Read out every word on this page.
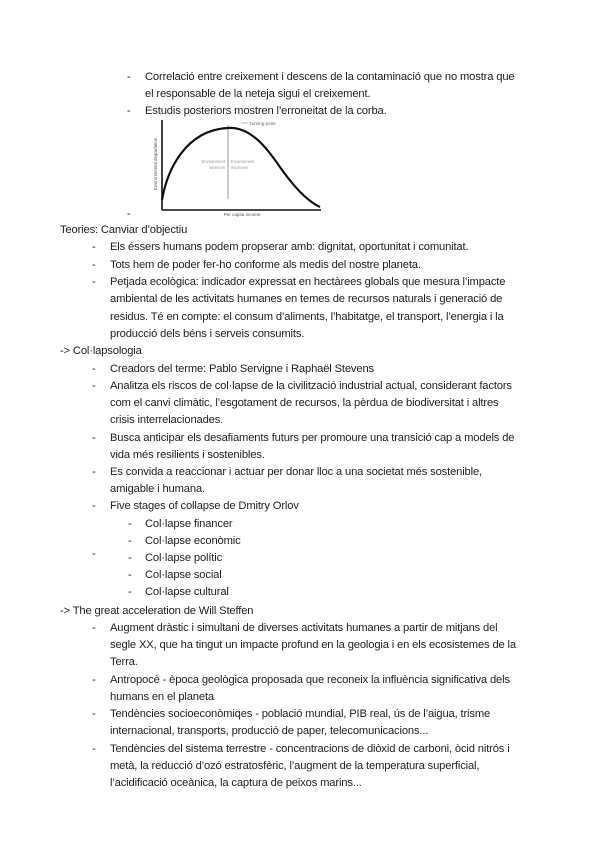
- Correlació entre creixement i descens de la contaminació que no mostra que
el responsable de la neteja sigui el creixement.
- Estudis posteriors mostren l’erroneitat de la corba.
Turning point
Environment
worsens
Environment
improves
Environmental degradation
Per capita income
-
Teories: Canviar d’objectiu
- Els éssers humans podem propserar amb: dignitat, oportunitat i comunitat.
- Tots hem de poder fer-ho conforme als medis del nostre planeta.
- Petjada ecològica: indicador expressat en hectàrees globals que mesura l’impacte
ambiental de les activitats humanes en temes de recursos naturals i generació de
residus. Té en compte: el consum d’aliments, l’habitatge, el transport, l’energia i la
producció dels béns i serveis consumits.
-> Col·lapsologia
- Creadors del terme: Pablo Servigne i Raphaël Stevens
- Analitza els riscos de col·lapse de la civilització industrial actual, considerant factors
com el canvi climàtic, l’esgotament de recursos, la pèrdua de biodiversitat i altres
crisis interrelacionades.
- Busca anticipar els desafiaments futurs per promoure una transició cap a models de
vida més resilients i sostenibles.
- Es convida a reaccionar i actuar per donar lloc a una societat més sostenible,
amigable i humana.
- Five stages of collapse de Dmitry Orlov
- Col·lapse financer
- Col·lapse econòmic
- Col·lapse polític
- Col·lapse social
- Col·lapse cultural
-
-> The great acceleration de Will Steffen
- Augment dràstic i simultani de diverses activitats humanes a partir de mitjans del
segle XX, que ha tingut un impacte profund en la geologia i en els ecosistemes de la
Terra.
- Antropocè - època geològica proposada que reconeix la influència significativa dels
humans en el planeta
- Tendències socioeconòmiqes - població mundial, PIB real, ús de l’aigua, trisme
internacional, transports, producció de paper, telecomunicacions...
- Tendències del sistema terrestre - concentracions de diòxid de carboni, òcid nitrós i
metà, la reducció d’ozó estratosfèric, l’augment de la temperatura superficial,
l’acidificació oceànica, la captura de peixos marins...
